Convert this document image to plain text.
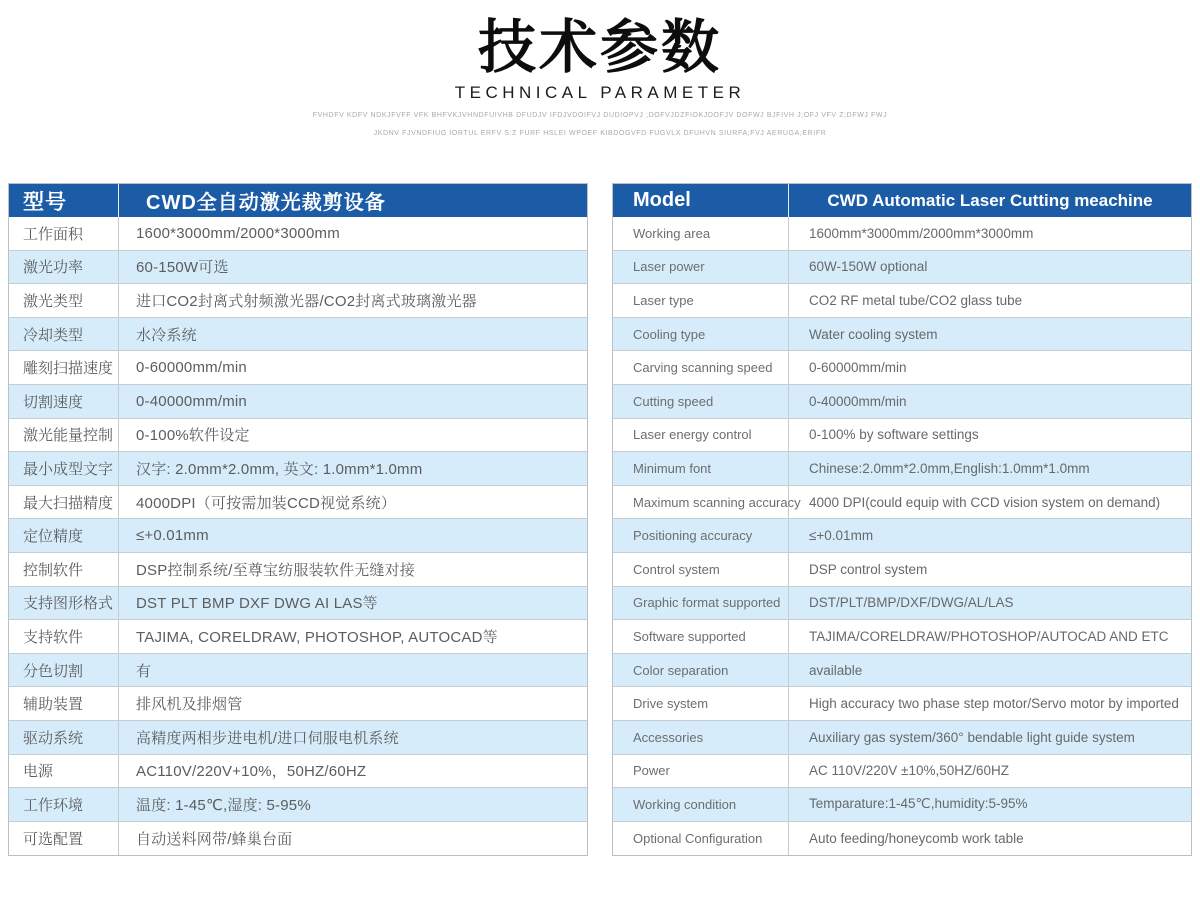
技术参数
TECHNICAL PARAMETER

FVHDFV KDFV NDKJFVFF VFK BHFVKJVHNDFUIVHB DFUDJV IFDJVDOIFVJ DUDIOPVJ ;DOFVJDZFIOKJDOFJV DOFWJ BJFIVH J;OFJ VFV Z;DFWJ FWJ

JKDNV FJVNDFIUG IORTUL ERFV S:Z FURF HSLEI WPOEF KIBDOGVFD FUGVLX DFUHVN SIURFA;FVJ AERUGA;ERIFR

型号	CWD全自动激光裁剪设备
工作面积	1600*3000mm/2000*3000mm
激光功率	60-150W可选
激光类型	进口CO2封离式射频激光器/CO2封离式玻璃激光器
冷却类型	水冷系统
雕刻扫描速度	0-60000mm/min
切割速度	0-40000mm/min
激光能量控制	0-100%软件设定
最小成型文字	汉字: 2.0mm*2.0mm, 英文: 1.0mm*1.0mm
最大扫描精度	4000DPI（可按需加装CCD视觉系统）
定位精度	≤+0.01mm
控制软件	DSP控制系统/至尊宝纺服装软件无缝对接
支持图形格式	DST PLT BMP DXF DWG AI LAS等
支持软件	TAJIMA, CORELDRAW, PHOTOSHOP, AUTOCAD等
分色切割	有
辅助装置	排风机及排烟管
驱动系统	高精度两相步进电机/进口伺服电机系统
电源	AC110V/220V+10%，50HZ/60HZ
工作环境	温度: 1-45℃,湿度: 5-95%
可选配置	自动送料网带/蜂巢台面
Model	CWD Automatic Laser Cutting meachine
Working area	1600mm*3000mm/2000mm*3000mm
Laser power	60W-150W optional
Laser type	CO2 RF metal tube/CO2 glass tube
Cooling type	Water cooling system
Carving scanning speed	0-60000mm/min
Cutting speed	0-40000mm/min
Laser energy control	0-100% by software settings
Minimum font	Chinese:2.0mm*2.0mm,English:1.0mm*1.0mm
Maximum scanning accuracy 4000 DPI(could equip with CCD vision system on demand)
Positioning accuracy	≤+0.01mm
Control system	DSP control system
Graphic format supported	DST/PLT/BMP/DXF/DWG/AL/LAS
Software supported	TAJIMA/CORELDRAW/PHOTOSHOP/AUTOCAD AND ETC
Color separation	available
Drive system	High accuracy two phase step motor/Servo motor by imported
Accessories	Auxiliary gas system/360° bendable light guide system
Power	AC 110V/220V ±10%,50HZ/60HZ
Working condition	Temparature:1-45℃,humidity:5-95%
Optional Configuration	Auto feeding/honeycomb work table
